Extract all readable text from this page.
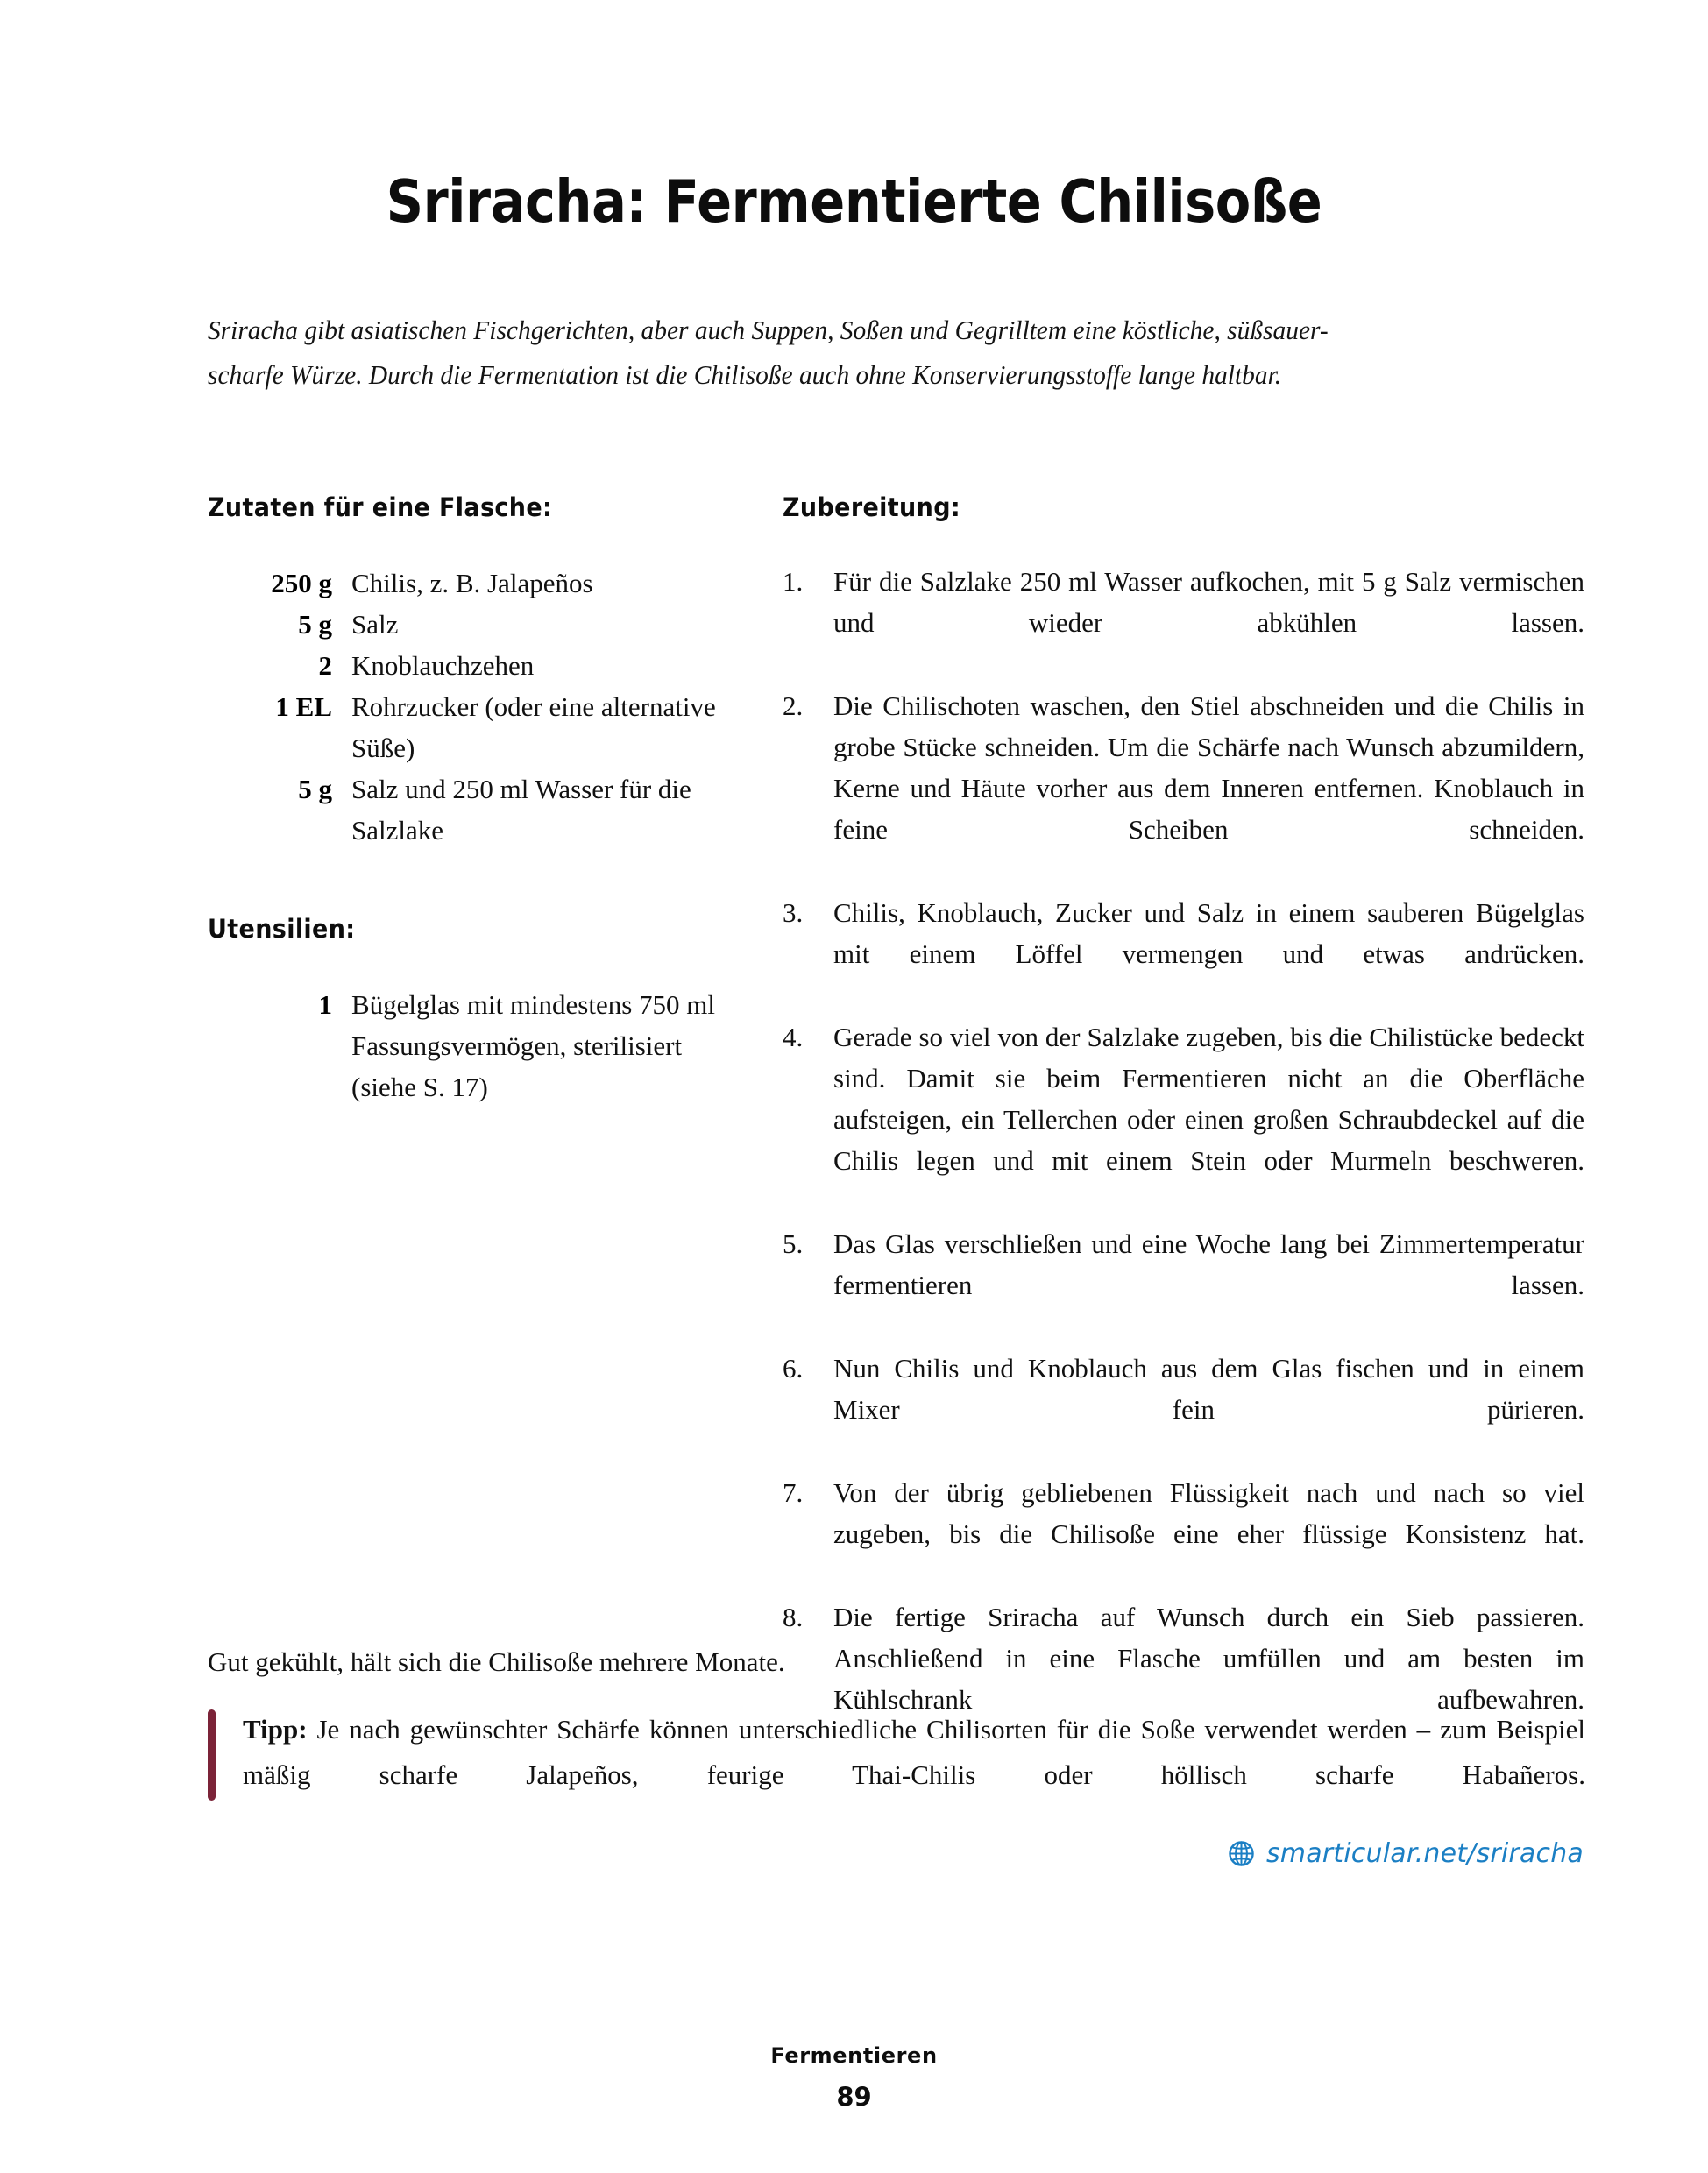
Sriracha: Fermentierte Chilisoße
Sriracha gibt asiatischen Fischgerichten, aber auch Suppen, Soßen und Gegrilltem eine köstliche, süßsauer-
scharfe Würze. Durch die Fermentation ist die Chilisoße auch ohne Konservierungsstoffe lange haltbar.
Zutaten für eine Flasche:
250 g	Chilis, z. B. Jalapeños
5 g	Salz
2	Knoblauchzehen
1 EL	Rohrzucker (oder eine alternative Süße)
5 g	Salz und 250 ml Wasser für die Salzlake
Utensilien:
1	Bügelglas mit mindestens 750 ml Fassungsvermögen, sterilisiert (siehe S. 17)
Zubereitung:
1.	Für die Salzlake 250 ml Wasser aufkochen, mit 5 g Salz vermischen und wieder abkühlen lassen.
2.	Die Chilischoten waschen, den Stiel abschneiden und die Chilis in grobe Stücke schneiden. Um die Schärfe nach Wunsch abzumildern, Kerne und Häute vorher aus dem Inneren entfernen. Knoblauch in feine Scheiben schneiden.
3.	Chilis, Knoblauch, Zucker und Salz in einem sauberen Bügelglas mit einem Löffel vermengen und etwas andrücken.
4.	Gerade so viel von der Salzlake zugeben, bis die Chilistücke bedeckt sind. Damit sie beim Fermentieren nicht an die Oberfläche aufsteigen, ein Tellerchen oder einen großen Schraubdeckel auf die Chilis legen und mit einem Stein oder Murmeln beschweren.
5.	Das Glas verschließen und eine Woche lang bei Zimmertemperatur fermentieren lassen.
6.	Nun Chilis und Knoblauch aus dem Glas fischen und in einem Mixer fein pürieren.
7.	Von der übrig gebliebenen Flüssigkeit nach und nach so viel zugeben, bis die Chilisoße eine eher flüssige Konsistenz hat.
8.	Die fertige Sriracha auf Wunsch durch ein Sieb passieren. Anschließend in eine Flasche umfüllen und am besten im Kühlschrank aufbewahren.
Gut gekühlt, hält sich die Chilisoße mehrere Monate.
Tipp: Je nach gewünschter Schärfe können unterschiedliche Chilisorten für die Soße verwendet werden – zum Beispiel mäßig scharfe Jalapeños, feurige Thai-Chilis oder höllisch scharfe Habañeros.
smarticular.net/sriracha
Fermentieren
89
